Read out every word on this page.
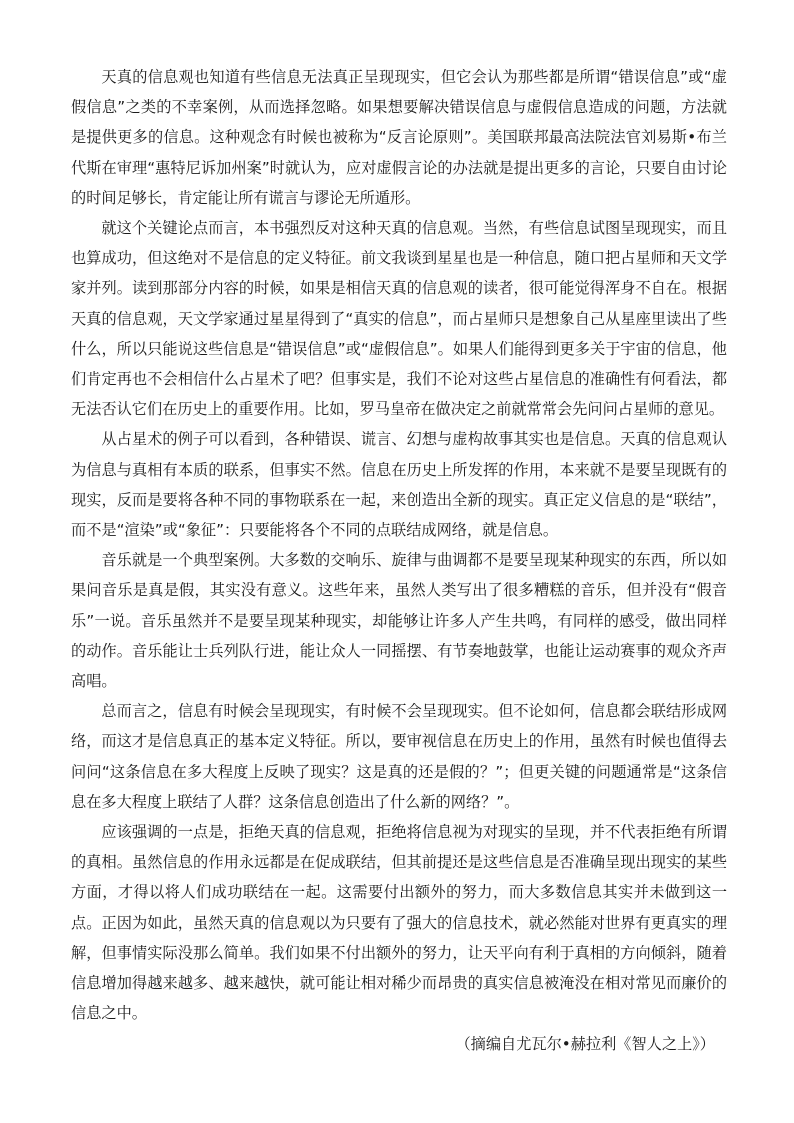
天真的信息观也知道有些信息无法真正呈现现实，但它会认为那些都是所谓“错误信息”或“虚假信息”之类的不幸案例，从而选择忽略。如果想要解决错误信息与虚假信息造成的问题，方法就是提供更多的信息。这种观念有时候也被称为“反言论原则”。美国联邦最高法院法官刘易斯•布兰代斯在审理“惠特尼诉加州案”时就认为，应对虚假言论的办法就是提出更多的言论，只要自由讨论的时间足够长，肯定能让所有谎言与谬论无所遁形。

就这个关键论点而言，本书强烈反对这种天真的信息观。当然，有些信息试图呈现现实，而且也算成功，但这绝对不是信息的定义特征。前文我谈到星星也是一种信息，随口把占星师和天文学家并列。读到那部分内容的时候，如果是相信天真的信息观的读者，很可能觉得浑身不自在。根据天真的信息观，天文学家通过星星得到了“真实的信息”，而占星师只是想象自己从星座里读出了些什么，所以只能说这些信息是“错误信息”或“虚假信息”。如果人们能得到更多关于宇宙的信息，他们肯定再也不会相信什么占星术了吧？但事实是，我们不论对这些占星信息的准确性有何看法，都无法否认它们在历史上的重要作用。比如，罗马皇帝在做决定之前就常常会先问问占星师的意见。

从占星术的例子可以看到，各种错误、谎言、幻想与虚构故事其实也是信息。天真的信息观认为信息与真相有本质的联系，但事实不然。信息在历史上所发挥的作用，本来就不是要呈现既有的现实，反而是要将各种不同的事物联系在一起，来创造出全新的现实。真正定义信息的是“联结”，而不是“渲染”或“象征”：只要能将各个不同的点联结成网络，就是信息。

音乐就是一个典型案例。大多数的交响乐、旋律与曲调都不是要呈现某种现实的东西，所以如果问音乐是真是假，其实没有意义。这些年来，虽然人类写出了很多糟糕的音乐，但并没有“假音乐”一说。音乐虽然并不是要呈现某种现实，却能够让许多人产生共鸣，有同样的感受，做出同样的动作。音乐能让士兵列队行进，能让众人一同摇摆、有节奏地鼓掌，也能让运动赛事的观众齐声高唱。

总而言之，信息有时候会呈现现实，有时候不会呈现现实。但不论如何，信息都会联结形成网络，而这才是信息真正的基本定义特征。所以，要审视信息在历史上的作用，虽然有时候也值得去问问“这条信息在多大程度上反映了现实？这是真的还是假的？”；但更关键的问题通常是“这条信息在多大程度上联结了人群？这条信息创造出了什么新的网络？”。

应该强调的一点是，拒绝天真的信息观，拒绝将信息视为对现实的呈现，并不代表拒绝有所谓的真相。虽然信息的作用永远都是在促成联结，但其前提还是这些信息是否准确呈现出现实的某些方面，才得以将人们成功联结在一起。这需要付出额外的努力，而大多数信息其实并未做到这一点。正因为如此，虽然天真的信息观以为只要有了强大的信息技术，就必然能对世界有更真实的理解，但事情实际没那么简单。我们如果不付出额外的努力，让天平向有利于真相的方向倾斜，随着信息增加得越来越多、越来越快，就可能让相对稀少而昂贵的真实信息被淹没在相对常见而廉价的信息之中。

（摘编自尤瓦尔•赫拉利《智人之上》）
